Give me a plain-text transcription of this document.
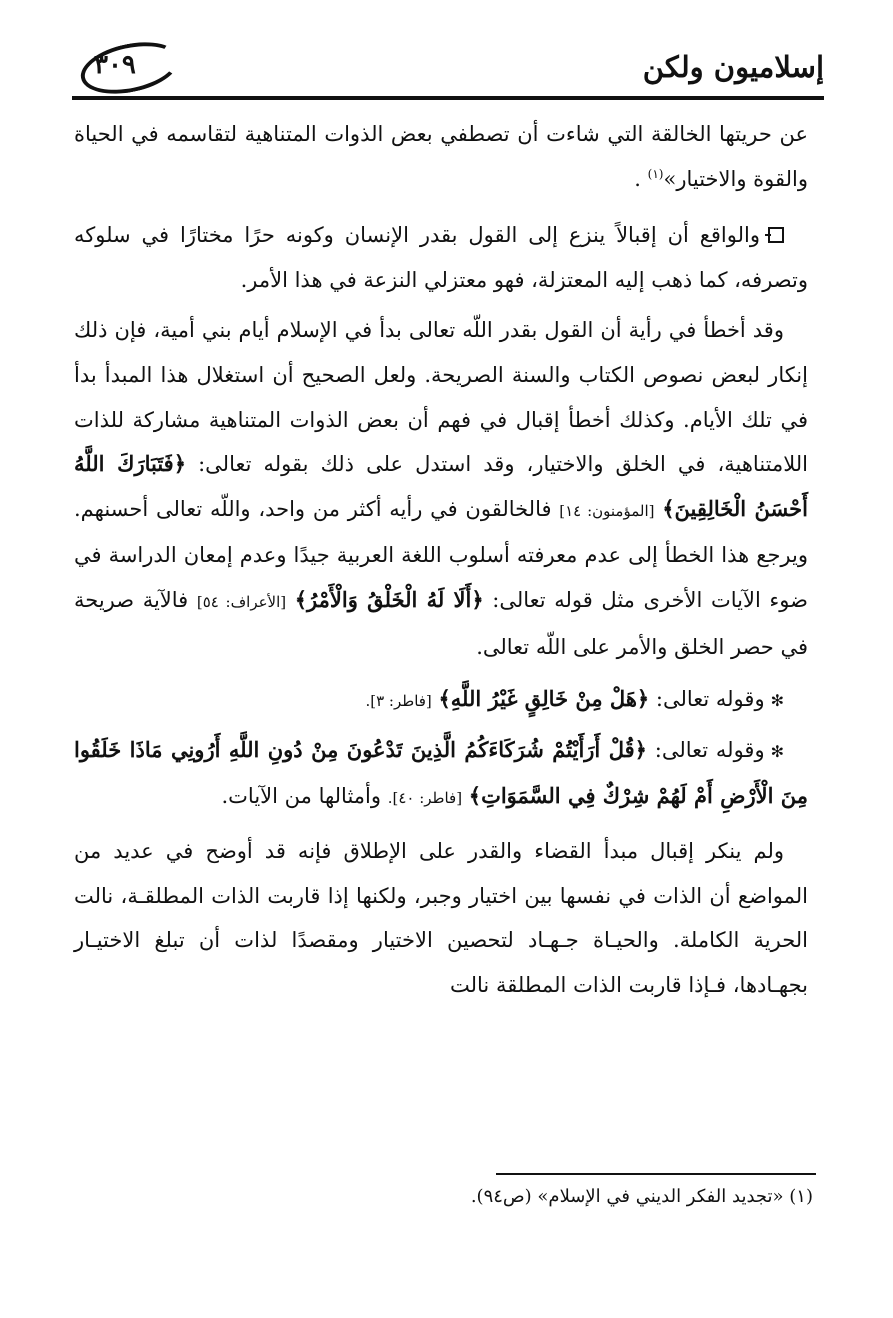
إسلاميون ولكن
٣٠٩

عن حريتها الخالقة التي شاءت أن تصطفي بعض الذوات المتناهية لتقاسمه في الحياة والقوة والاختيار»$^{(١)}$ .

والواقع أن إقبالاً ينزع إلى القول بقدر الإنسان وكونه حرًا مختارًا في سلوكه وتصرفه، كما ذهب إليه المعتزلة، فهو معتزلي النزعة في هذا الأمر.

وقد أخطأ في رأية أن القول بقدر اللّه تعالى بدأ في الإسلام أيام بني أمية، فإن ذلك إنكار لبعض نصوص الكتاب والسنة الصريحة. ولعل الصحيح أن استغلال هذا المبدأ بدأ في تلك الأيام. وكذلك أخطأ إقبال في فهم أن بعض الذوات المتناهية مشاركة للذات اللامتناهية، في الخلق والاختيار، وقد استدل على ذلك بقوله تعالى: ﴿فَتَبَارَكَ اللَّهُ أَحْسَنُ الْخَالِقِينَ﴾ [المؤمنون: ١٤] فالخالقون في رأيه أكثر من واحد، واللّه تعالى أحسنهم. ويرجع هذا الخطأ إلى عدم معرفته أسلوب اللغة العربية جيدًا وعدم إمعان الدراسة في ضوء الآيات الأخرى مثل قوله تعالى: ﴿أَلَا لَهُ الْخَلْقُ وَالْأَمْرُ﴾ [الأعراف: ٥٤] فالآية صريحة في حصر الخلق والأمر على اللّه تعالى.

✻وقوله تعالى: ﴿هَلْ مِنْ خَالِقٍ غَيْرُ اللَّهِ﴾ [فاطر: ٣].

✻وقوله تعالى: ﴿قُلْ أَرَأَيْتُمْ شُرَكَاءَكُمُ الَّذِينَ تَدْعُونَ مِنْ دُونِ اللَّهِ أَرُونِي مَاذَا خَلَقُوا مِنَ الْأَرْضِ أَمْ لَهُمْ شِرْكٌ فِي السَّمَوَاتِ﴾ [فاطر: ٤٠]. وأمثالها من الآيات.

ولم ينكر إقبال مبدأ القضاء والقدر على الإطلاق فإنه قد أوضح في عديد من المواضع أن الذات في نفسها بين اختيار وجبر، ولكنها إذا قاربت الذات المطلقـة، نالت الحرية الكاملة. والحيـاة جـهـاد لتحصين الاختيار ومقصدًا لذات أن تبلغ الاختيـار بجهـادها، فـإذا قاربت الذات المطلقة نالت

(١) «تجديد الفكر الديني في الإسلام» (ص٩٤).
